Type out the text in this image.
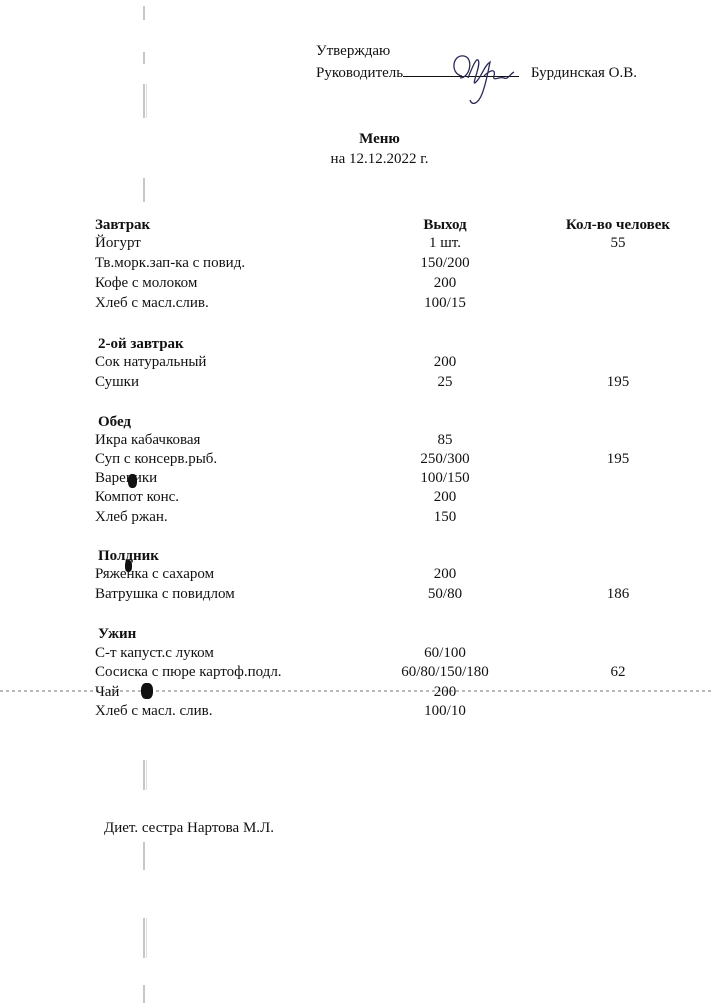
Утверждаю
Руководитель	Бурдинская О.В.
Меню
на 12.12.2022 г.
Завтрак	Выход	Кол-во человек
Йогурт	1 шт.	55
Тв.морк.зап-ка с повид.	150/200
Кофе с молоком	200
Хлеб с масл.слив.	100/15
2-ой завтрак
Сок натуральный	200
Сушки	25	195
Обед
Икра кабачковая	85
Суп с консерв.рыб.	250/300	195
Вареники	100/150
Компот конс.	200
Хлеб ржан.	150
Полдник
Ряженка с сахаром	200
Ватрушка с повидлом	50/80	186
Ужин
С-т капуст.с луком	60/100
Сосиска с пюре картоф.подл.	60/80/150/180	62
Чай	200
Хлеб с масл. слив.	100/10
Диет. сестра Нартова М.Л.
